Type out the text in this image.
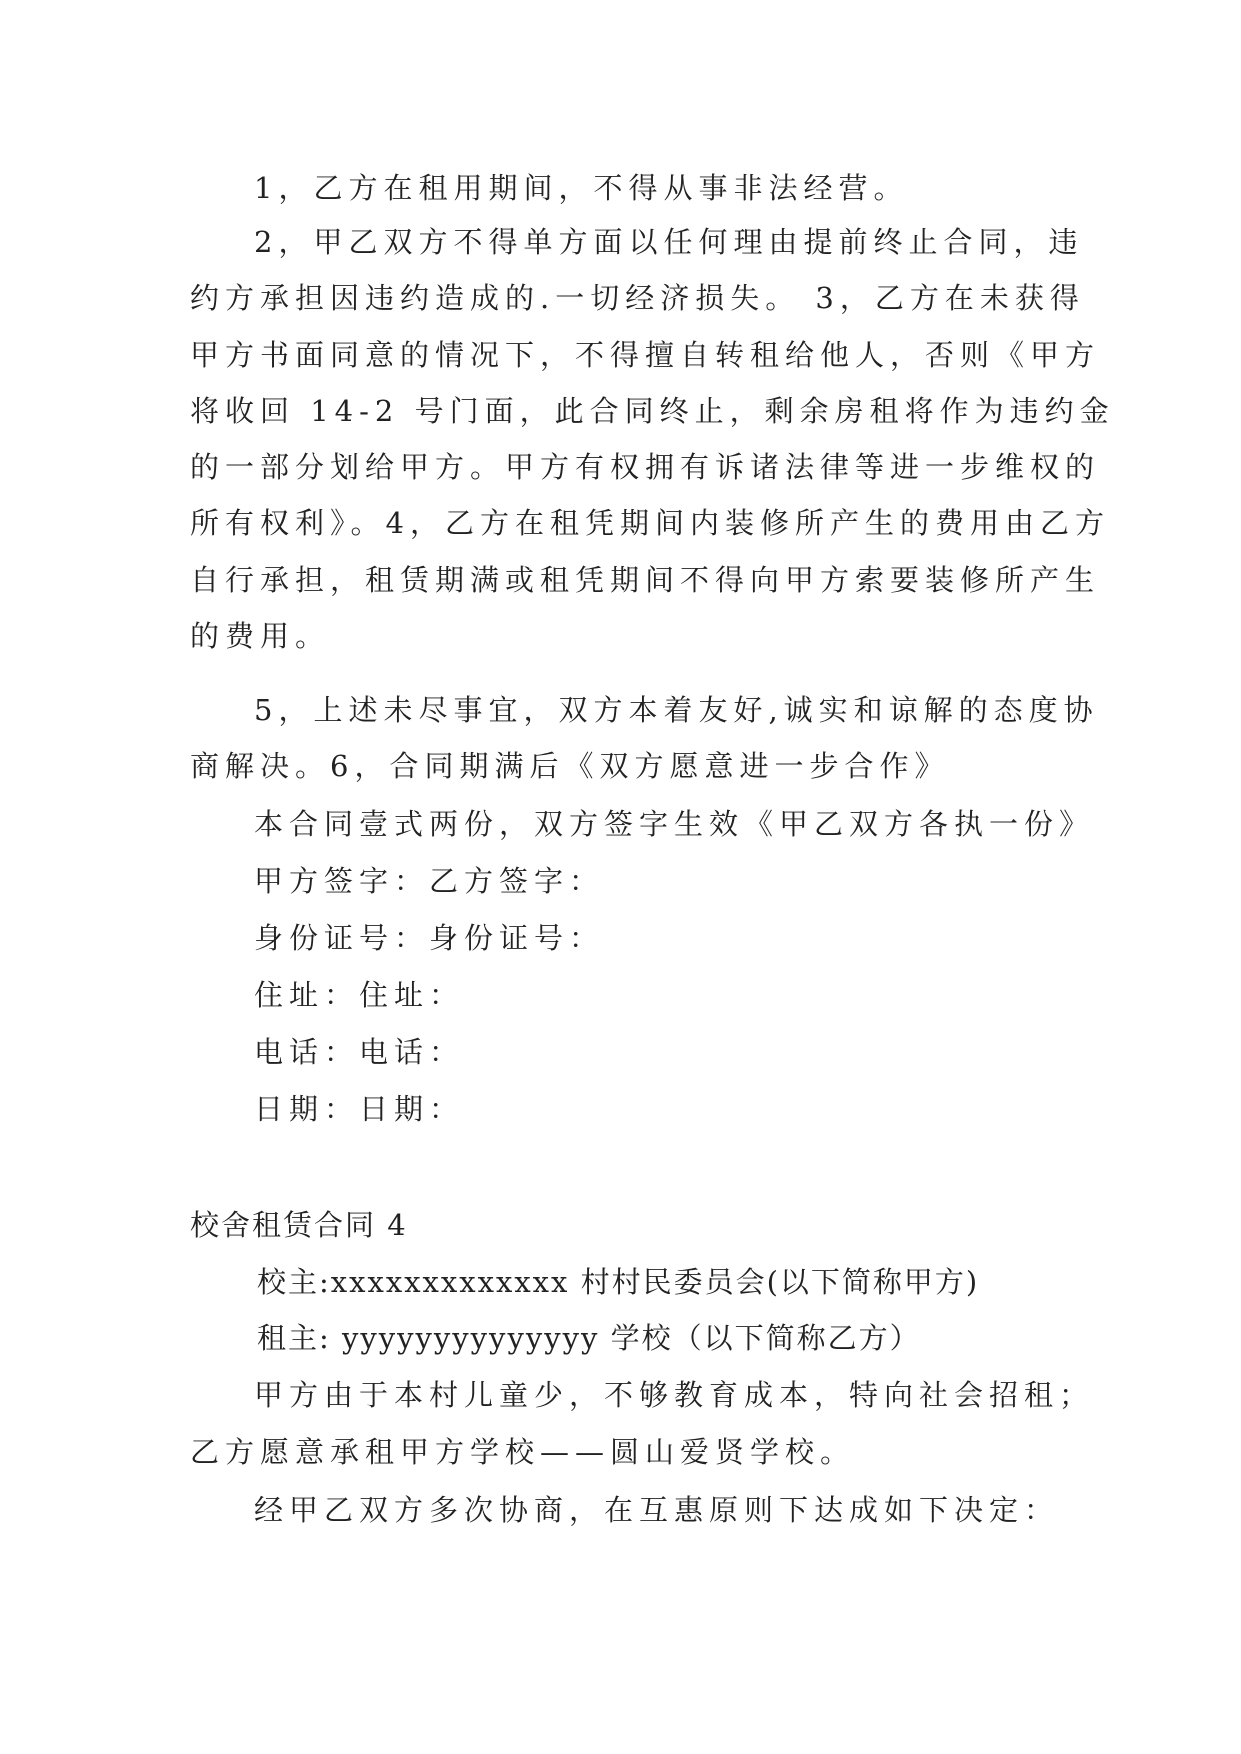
1，乙方在租用期间，不得从事非法经营。
2，甲乙双方不得单方面以任何理由提前终止合同，违
约方承担因违约造成的.一切经济损失。 3，乙方在未获得
甲方书面同意的情况下，不得擅自转租给他人，否则《甲方
将收回 14-2 号门面，此合同终止，剩余房租将作为违约金
的一部分划给甲方。甲方有权拥有诉诸法律等进一步维权的
所有权利》。4，乙方在租凭期间内装修所产生的费用由乙方
自行承担，租赁期满或租凭期间不得向甲方索要装修所产生
的费用。
5，上述未尽事宜，双方本着友好,诚实和谅解的态度协
商解决。6，合同期满后《双方愿意进一步合作》
本合同壹式两份，双方签字生效《甲乙双方各执一份》
甲方签字：乙方签字：
身份证号：身份证号：
住址：住址：
电话：电话：
日期：日期：
校舍租赁合同 4
校主:xxxxxxxxxxxxx 村村民委员会(以下简称甲方)
租主: yyyyyyyyyyyyyy 学校（以下简称乙方）
甲方由于本村儿童少，不够教育成本，特向社会招租；
乙方愿意承租甲方学校——圆山爱贤学校。
经甲乙双方多次协商，在互惠原则下达成如下决定：
